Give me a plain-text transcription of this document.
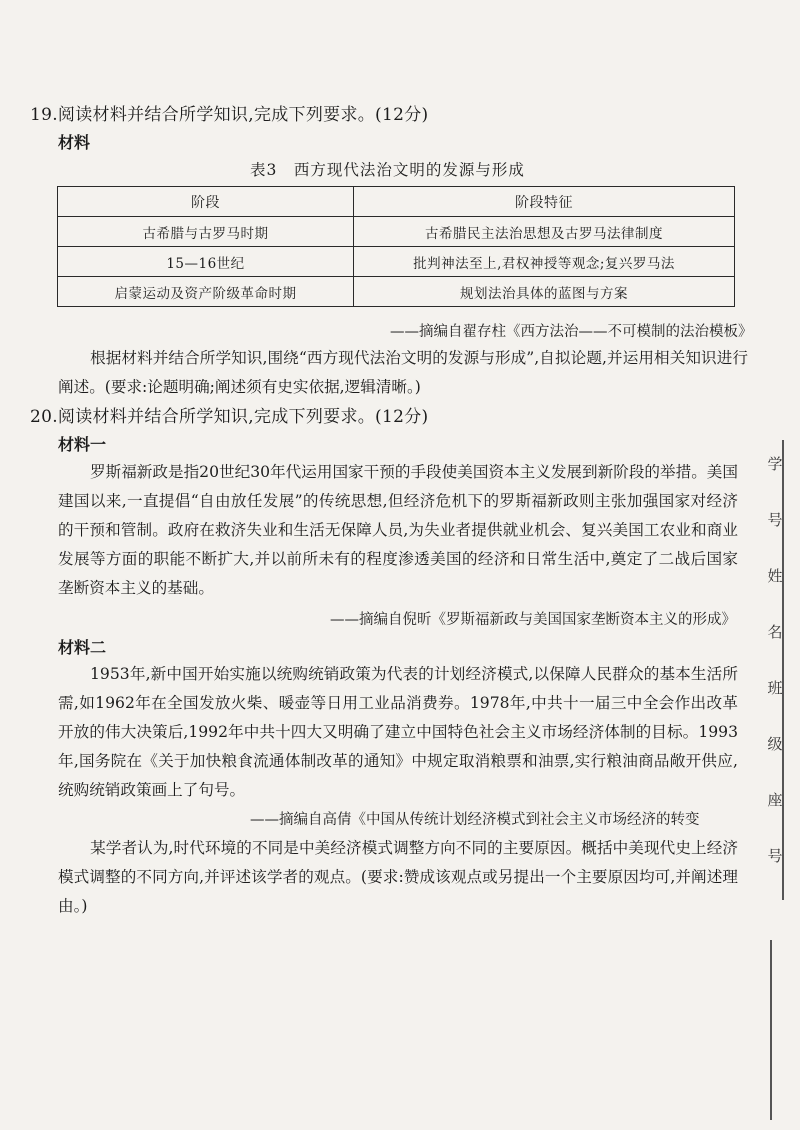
19.阅读材料并结合所学知识,完成下列要求。(12分)
材料
表3　西方现代法治文明的发源与形成
阶段	阶段特征
古希腊与古罗马时期	古希腊民主法治思想及古罗马法律制度
15—16世纪	批判神法至上,君权神授等观念;复兴罗马法
启蒙运动及资产阶级革命时期	规划法治具体的蓝图与方案
——摘编自翟存柱《西方法治——不可模制的法治模板》
根据材料并结合所学知识,围绕“西方现代法治文明的发源与形成”,自拟论题,并运用相关知识进行阐述。(要求:论题明确;阐述须有史实依据,逻辑清晰。)
20.阅读材料并结合所学知识,完成下列要求。(12分)
材料一
罗斯福新政是指20世纪30年代运用国家干预的手段使美国资本主义发展到新阶段的举措。美国建国以来,一直提倡“自由放任发展”的传统思想,但经济危机下的罗斯福新政则主张加强国家对经济的干预和管制。政府在救济失业和生活无保障人员,为失业者提供就业机会、复兴美国工农业和商业发展等方面的职能不断扩大,并以前所未有的程度渗透美国的经济和日常生活中,奠定了二战后国家垄断资本主义的基础。
——摘编自倪昕《罗斯福新政与美国国家垄断资本主义的形成》
材料二
1953年,新中国开始实施以统购统销政策为代表的计划经济模式,以保障人民群众的基本生活所需,如1962年在全国发放火柴、暖壶等日用工业品消费券。1978年,中共十一届三中全会作出改革开放的伟大决策后,1992年中共十四大又明确了建立中国特色社会主义市场经济体制的目标。1993年,国务院在《关于加快粮食流通体制改革的通知》中规定取消粮票和油票,实行粮油商品敞开供应,统购统销政策画上了句号。
——摘编自高倩《中国从传统计划经济模式到社会主义市场经济的转变
某学者认为,时代环境的不同是中美经济模式调整方向不同的主要原因。概括中美现代史上经济模式调整的不同方向,并评述该学者的观点。(要求:赞成该观点或另提出一个主要原因均可,并阐述理由。)
学
号
姓
名
班
级
座
号
